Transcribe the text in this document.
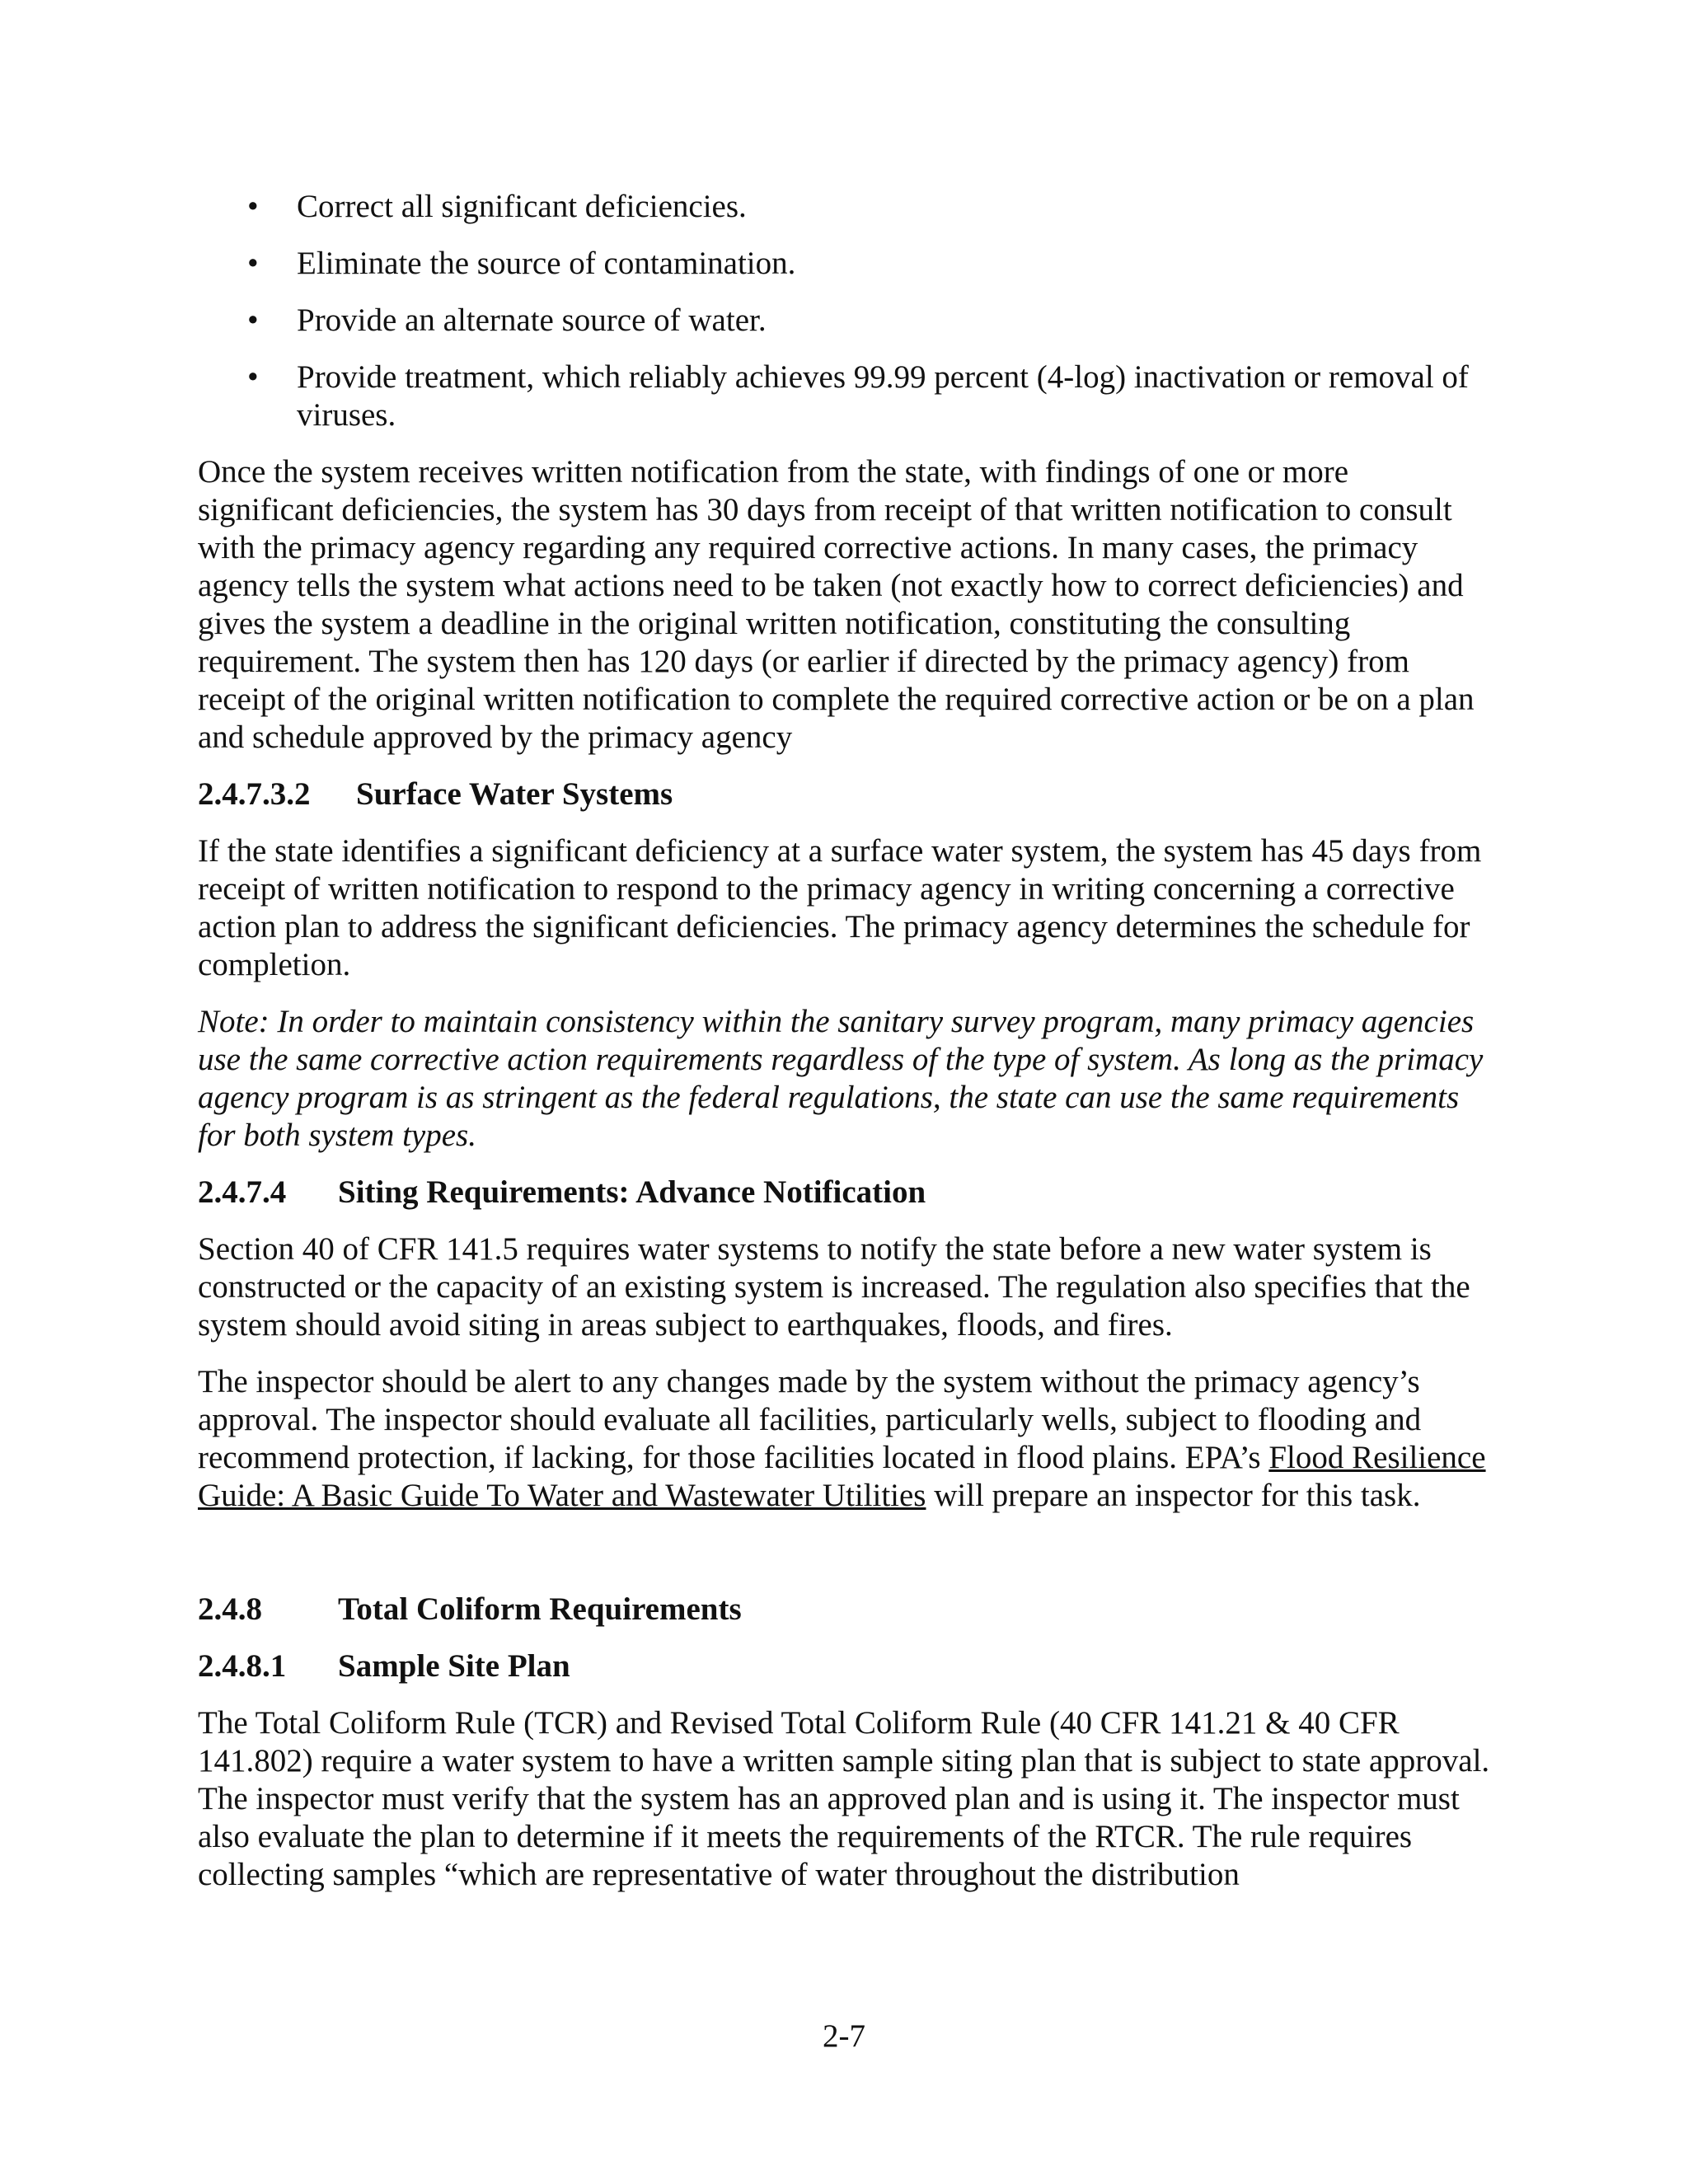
• Correct all significant deficiencies.
• Eliminate the source of contamination.
• Provide an alternate source of water.
• Provide treatment, which reliably achieves 99.99 percent (4-log) inactivation or removal of viruses.

Once the system receives written notification from the state, with findings of one or more significant deficiencies, the system has 30 days from receipt of that written notification to consult with the primacy agency regarding any required corrective actions. In many cases, the primacy agency tells the system what actions need to be taken (not exactly how to correct deficiencies) and gives the system a deadline in the original written notification, constituting the consulting requirement. The system then has 120 days (or earlier if directed by the primacy agency) from receipt of the original written notification to complete the required corrective action or be on a plan and schedule approved by the primacy agency

2.4.7.3.2 Surface Water Systems

If the state identifies a significant deficiency at a surface water system, the system has 45 days from receipt of written notification to respond to the primacy agency in writing concerning a corrective action plan to address the significant deficiencies. The primacy agency determines the schedule for completion.

Note: In order to maintain consistency within the sanitary survey program, many primacy agencies use the same corrective action requirements regardless of the type of system. As long as the primacy agency program is as stringent as the federal regulations, the state can use the same requirements for both system types.

2.4.7.4 Siting Requirements: Advance Notification

Section 40 of CFR 141.5 requires water systems to notify the state before a new water system is constructed or the capacity of an existing system is increased. The regulation also specifies that the system should avoid siting in areas subject to earthquakes, floods, and fires.

The inspector should be alert to any changes made by the system without the primacy agency’s approval. The inspector should evaluate all facilities, particularly wells, subject to flooding and recommend protection, if lacking, for those facilities located in flood plains. EPA’s Flood Resilience Guide: A Basic Guide To Water and Wastewater Utilities will prepare an inspector for this task.

2.4.8 Total Coliform Requirements
2.4.8.1 Sample Site Plan

The Total Coliform Rule (TCR) and Revised Total Coliform Rule (40 CFR 141.21 & 40 CFR 141.802) require a water system to have a written sample siting plan that is subject to state approval. The inspector must verify that the system has an approved plan and is using it. The inspector must also evaluate the plan to determine if it meets the requirements of the RTCR. The rule requires collecting samples “which are representative of water throughout the distribution

2-7
